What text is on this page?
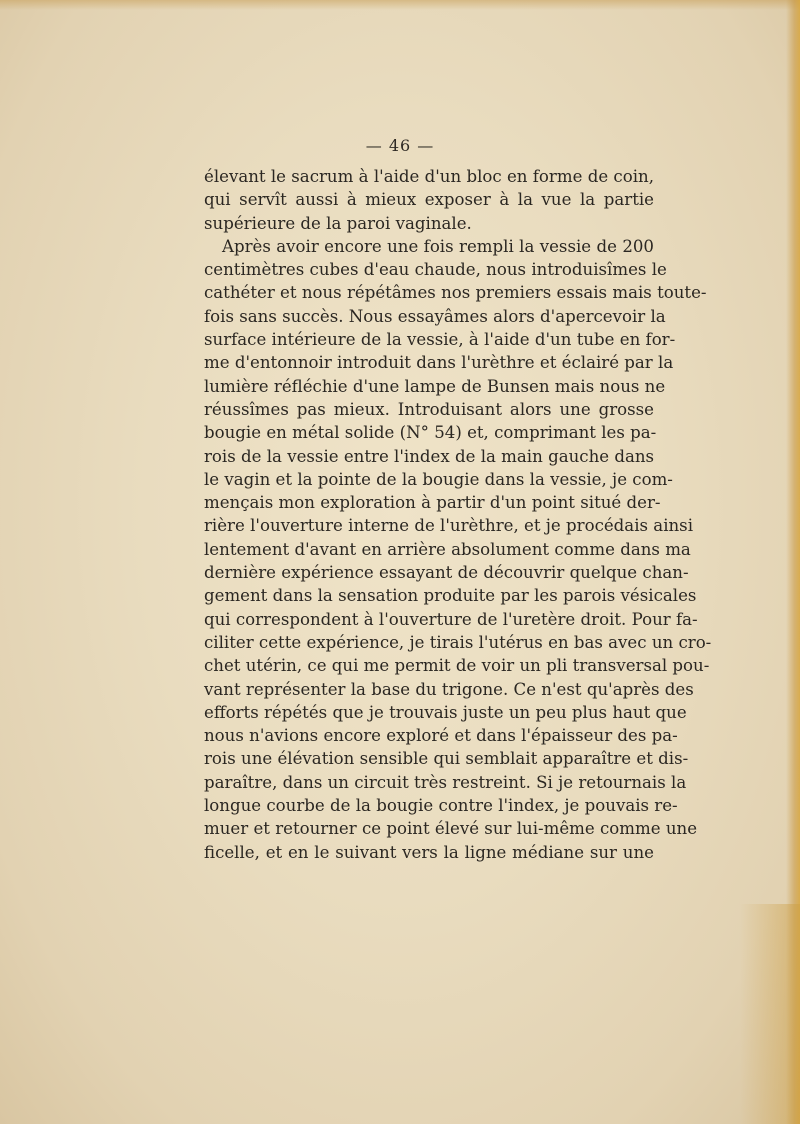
— 46 —
élevant le sacrum à l'aide d'un bloc en forme de coin,
qui servît aussi à mieux exposer à la vue la partie
supérieure de la paroi vaginale.
Après avoir encore une fois rempli la vessie de 200
centimètres cubes d'eau chaude, nous introduisîmes le
cathéter et nous répétâmes nos premiers essais mais toute-
fois sans succès. Nous essayâmes alors d'apercevoir la
surface intérieure de la vessie, à l'aide d'un tube en for-
me d'entonnoir introduit dans l'urèthre et éclairé par la
lumière réfléchie d'une lampe de Bunsen mais nous ne
réussîmes pas mieux. Introduisant alors une grosse
bougie en métal solide (N° 54) et, comprimant les pa-
rois de la vessie entre l'index de la main gauche dans
le vagin et la pointe de la bougie dans la vessie, je com-
mençais mon exploration à partir d'un point situé der-
rière l'ouverture interne de l'urèthre, et je procédais ainsi
lentement d'avant en arrière absolument comme dans ma
dernière expérience essayant de découvrir quelque chan-
gement dans la sensation produite par les parois vésicales
qui correspondent à l'ouverture de l'uretère droit. Pour fa-
ciliter cette expérience, je tirais l'utérus en bas avec un cro-
chet utérin, ce qui me permit de voir un pli transversal pou-
vant représenter la base du trigone. Ce n'est qu'après des
efforts répétés que je trouvais juste un peu plus haut que
nous n'avions encore exploré et dans l'épaisseur des pa-
rois une élévation sensible qui semblait apparaître et dis-
paraître, dans un circuit très restreint. Si je retournais la
longue courbe de la bougie contre l'index, je pouvais re-
muer et retourner ce point élevé sur lui-même comme une
ficelle, et en le suivant vers la ligne médiane sur une
